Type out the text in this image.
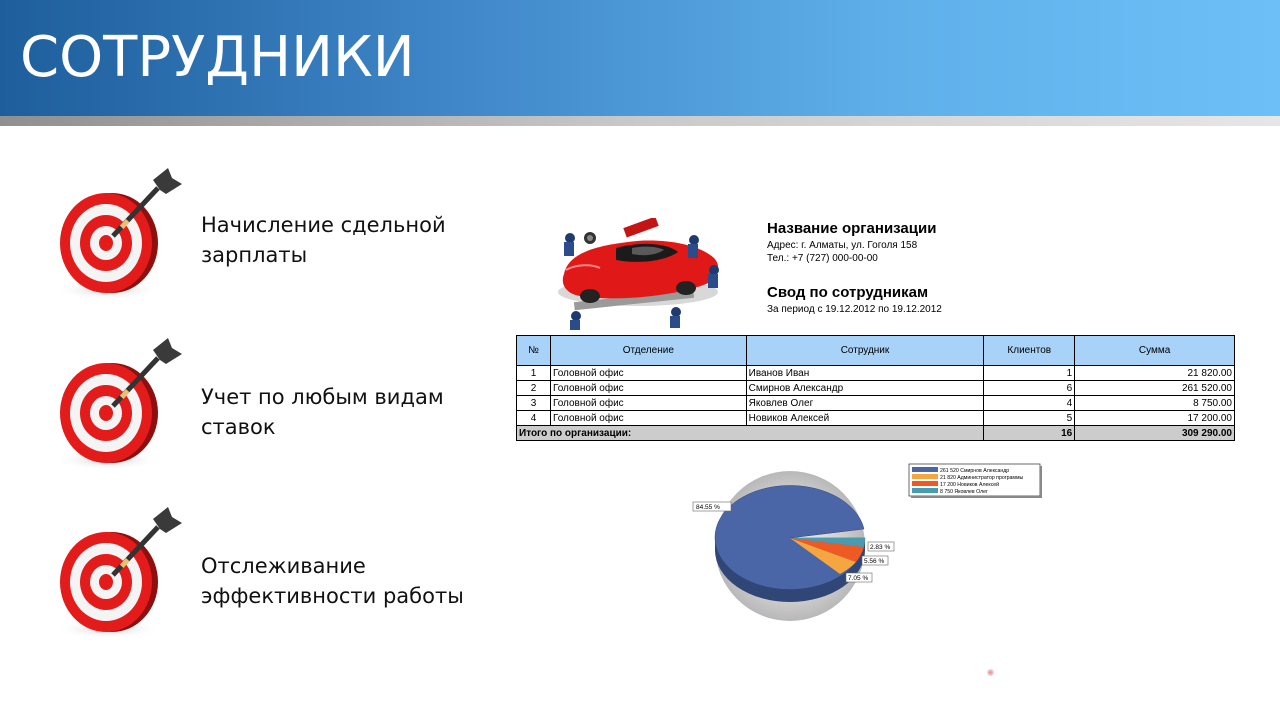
СОТРУДНИКИ
Начисление сдельной зарплаты
Учет по любым видам ставок
Отслеживание эффективности работы
Название организации
Адрес: г. Алматы, ул. Гоголя 158
Тел.: +7 (727) 000-00-00
Свод по сотрудникам
За период с 19.12.2012 по 19.12.2012
№	Отделение	Сотрудник	Клиентов	Сумма
1	Головной офис	Иванов Иван	1	21 820.00
2	Головной офис	Смирнов Александр	6	261 520.00
3	Головной офис	Яковлев Олег	4	8 750.00
4	Головной офис	Новиков Алексей	5	17 200.00
Итого по организации:			16	309 290.00
84.55 %
7.05 %
5.56 %
2.83 %
261 520 Смирнов Александр
21 820 Администратор программы
17 200 Новиков Алексей
8 750 Яковлев Олег
